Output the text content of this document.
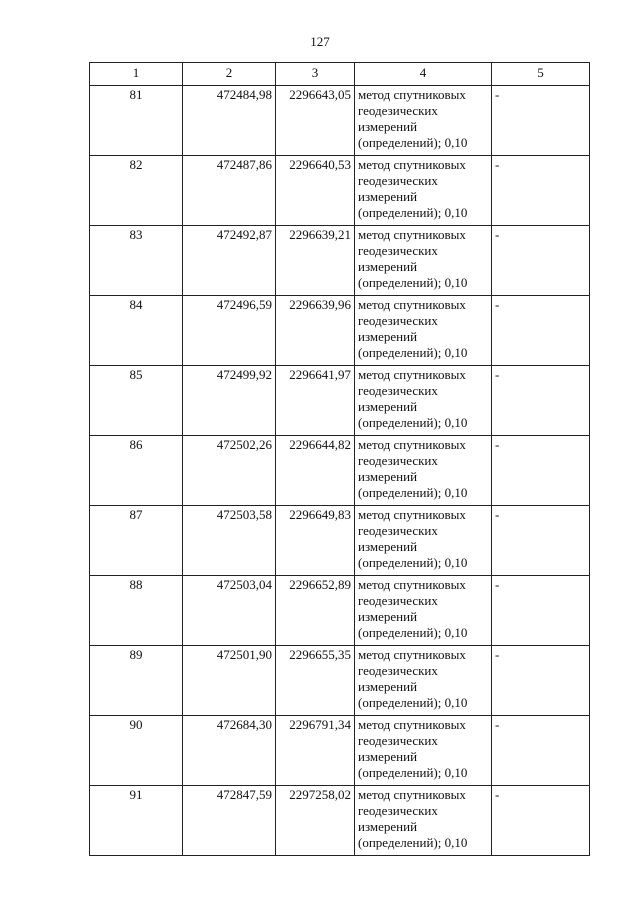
127
1	2	3	4	5
81	472484,98	2296643,05	метод спутниковых
геодезических
измерений
(определений); 0,10	-
82	472487,86	2296640,53	метод спутниковых
геодезических
измерений
(определений); 0,10	-
83	472492,87	2296639,21	метод спутниковых
геодезических
измерений
(определений); 0,10	-
84	472496,59	2296639,96	метод спутниковых
геодезических
измерений
(определений); 0,10	-
85	472499,92	2296641,97	метод спутниковых
геодезических
измерений
(определений); 0,10	-
86	472502,26	2296644,82	метод спутниковых
геодезических
измерений
(определений); 0,10	-
87	472503,58	2296649,83	метод спутниковых
геодезических
измерений
(определений); 0,10	-
88	472503,04	2296652,89	метод спутниковых
геодезических
измерений
(определений); 0,10	-
89	472501,90	2296655,35	метод спутниковых
геодезических
измерений
(определений); 0,10	-
90	472684,30	2296791,34	метод спутниковых
геодезических
измерений
(определений); 0,10	-
91	472847,59	2297258,02	метод спутниковых
геодезических
измерений
(определений); 0,10	-
